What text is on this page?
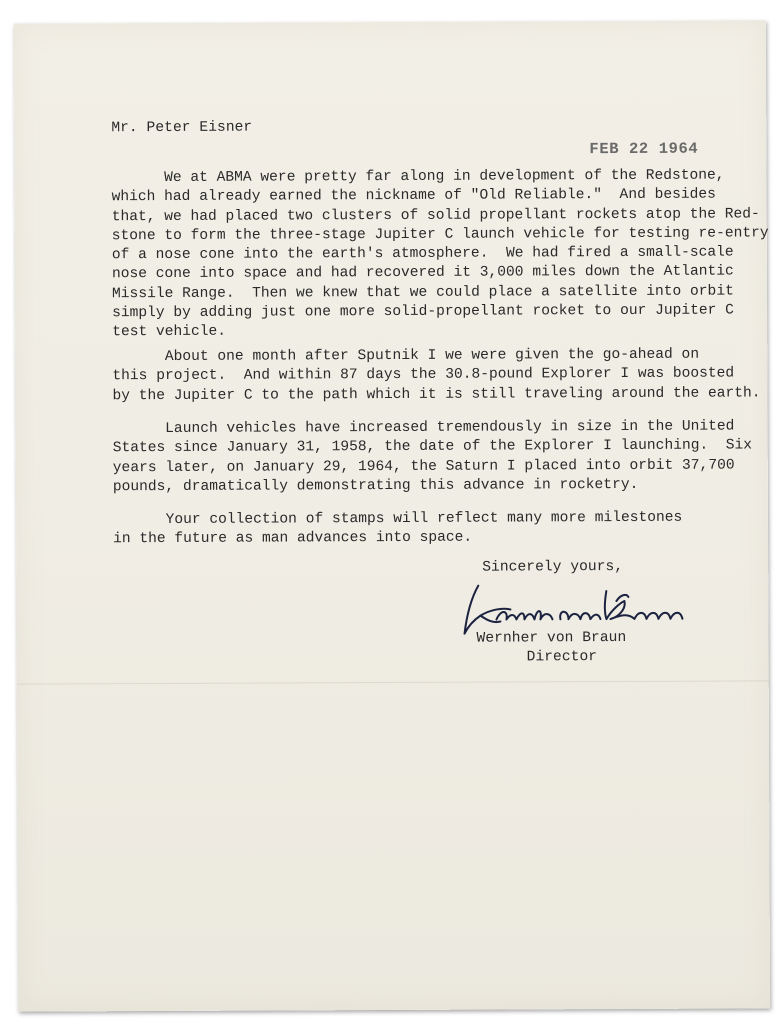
Mr. Peter Eisner
FEB 22 1964
We at ABMA were pretty far along in development of the Redstone,
which had already earned the nickname of "Old Reliable."  And besides
that, we had placed two clusters of solid propellant rockets atop the Red-
stone to form the three-stage Jupiter C launch vehicle for testing re-entry
of a nose cone into the earth's atmosphere.  We had fired a small-scale
nose cone into space and had recovered it 3,000 miles down the Atlantic
Missile Range.  Then we knew that we could place a satellite into orbit
simply by adding just one more solid-propellant rocket to our Jupiter C
test vehicle.
About one month after Sputnik I we were given the go-ahead on
this project.  And within 87 days the 30.8-pound Explorer I was boosted
by the Jupiter C to the path which it is still traveling around the earth.
Launch vehicles have increased tremendously in size in the United
States since January 31, 1958, the date of the Explorer I launching.  Six
years later, on January 29, 1964, the Saturn I placed into orbit 37,700
pounds, dramatically demonstrating this advance in rocketry.
Your collection of stamps will reflect many more milestones
in the future as man advances into space.
Sincerely yours,
Wernher von Braun
Director
